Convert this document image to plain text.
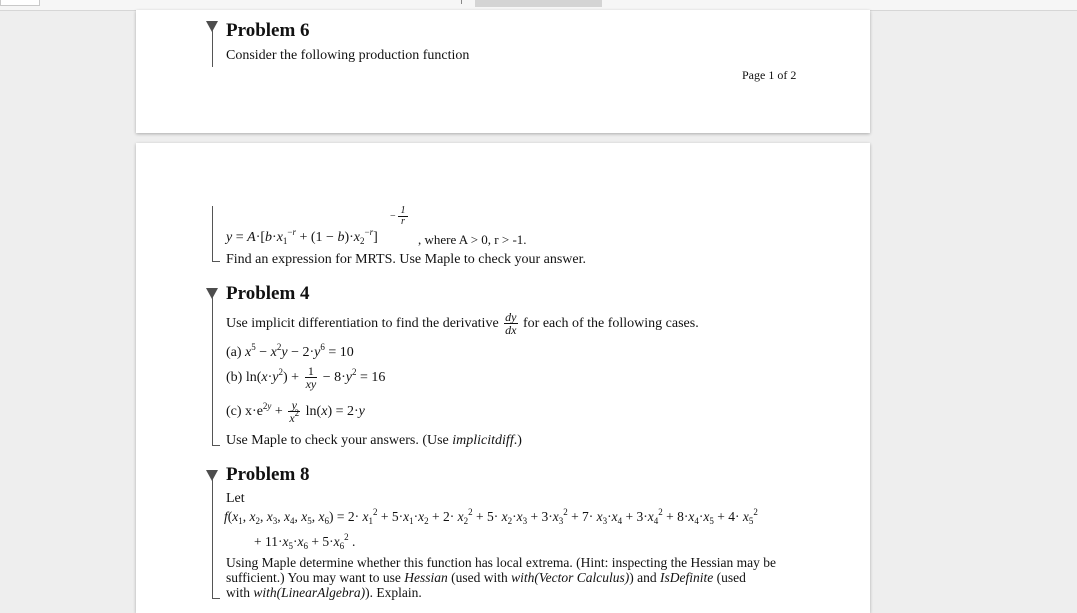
Problem 6
Consider the following production function
Page 1 of 2
1
r
−
$y = A\cdot[b\cdot x_1^{-r} + (1 - b)\cdot x_2^{-r}]$	, where A > 0, r > -1.
Find an expression for MRTS. Use Maple to check your answer.
Problem 4
Use implicit differentiation to find the derivative $\frac{dy}{dx}$ for each of the following cases.
(a) $x^5 - x^2y - 2\cdot y^6 = 10$
(b) $\ln(x\cdot y^2) + \frac{1}{xy} - 8\cdot y^2 = 16$
(c) $x\cdot e^{2y} + \frac{y}{x^2} \ln(x) = 2\cdot y$
Use Maple to check your answers. (Use implicitdiff.)
Problem 8
Let
$f(x_1$, $x_2$, $x_3$, $x_4$, $x_5$, $x_6) = 2\cdot x_1^2 + 5\cdot x_1\cdot x_2 + 2\cdot x_2^2 + 5\cdot x_2\cdot x_3 + 3\cdot x_3^2 + 7\cdot x_3\cdot x_4 + 3\cdot x_4^2 + 8\cdot x_4\cdot x_5 + 4\cdot x_5^2$
+ $11\cdot x_5\cdot x_6 + 5\cdot x_6^2$ .
Using Maple determine whether this function has local extrema. (Hint: inspecting the Hessian may be
sufficient.) You may want to use Hessian (used with with(Vector Calculus)) and IsDefinite (used
with with(LinearAlgebra)). Explain.
